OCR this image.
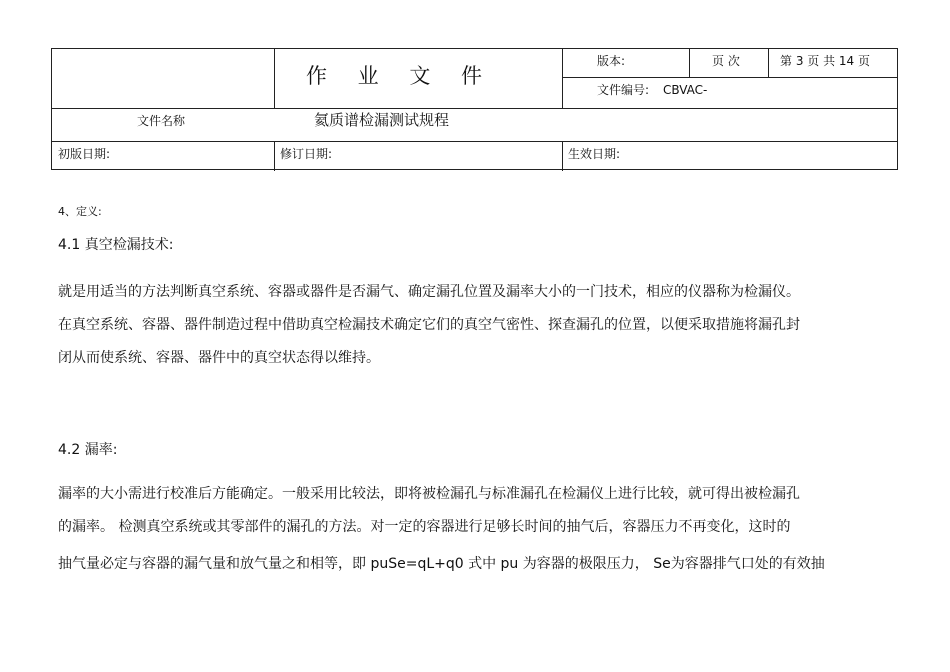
作 业 文 件
版本:	页 次	第 3 页 共 14 页
文件编号: CBVAC-
文件名称	氦质谱检漏测试规程
初版日期:	修订日期:	生效日期:
4、定义:
4.1 真空检漏技术:
就是用适当的方法判断真空系统、容器或器件是否漏气、确定漏孔位置及漏率大小的一门技术，相应的仪器称为检漏仪。
在真空系统、容器、器件制造过程中借助真空检漏技术确定它们的真空气密性、探查漏孔的位置，以便采取措施将漏孔封
闭从而使系统、容器、器件中的真空状态得以维持。
4.2 漏率:
漏率的大小需进行校准后方能确定。一般采用比较法，即将被检漏孔与标准漏孔在检漏仪上进行比较，就可得出被检漏孔
的漏率。 检测真空系统或其零部件的漏孔的方法。对一定的容器进行足够长时间的抽气后，容器压力不再变化，这时的
抽气量必定与容器的漏气量和放气量之和相等，即 puSe=qL+q0 式中 pu 为容器的极限压力， Se为容器排气口处的有效抽
